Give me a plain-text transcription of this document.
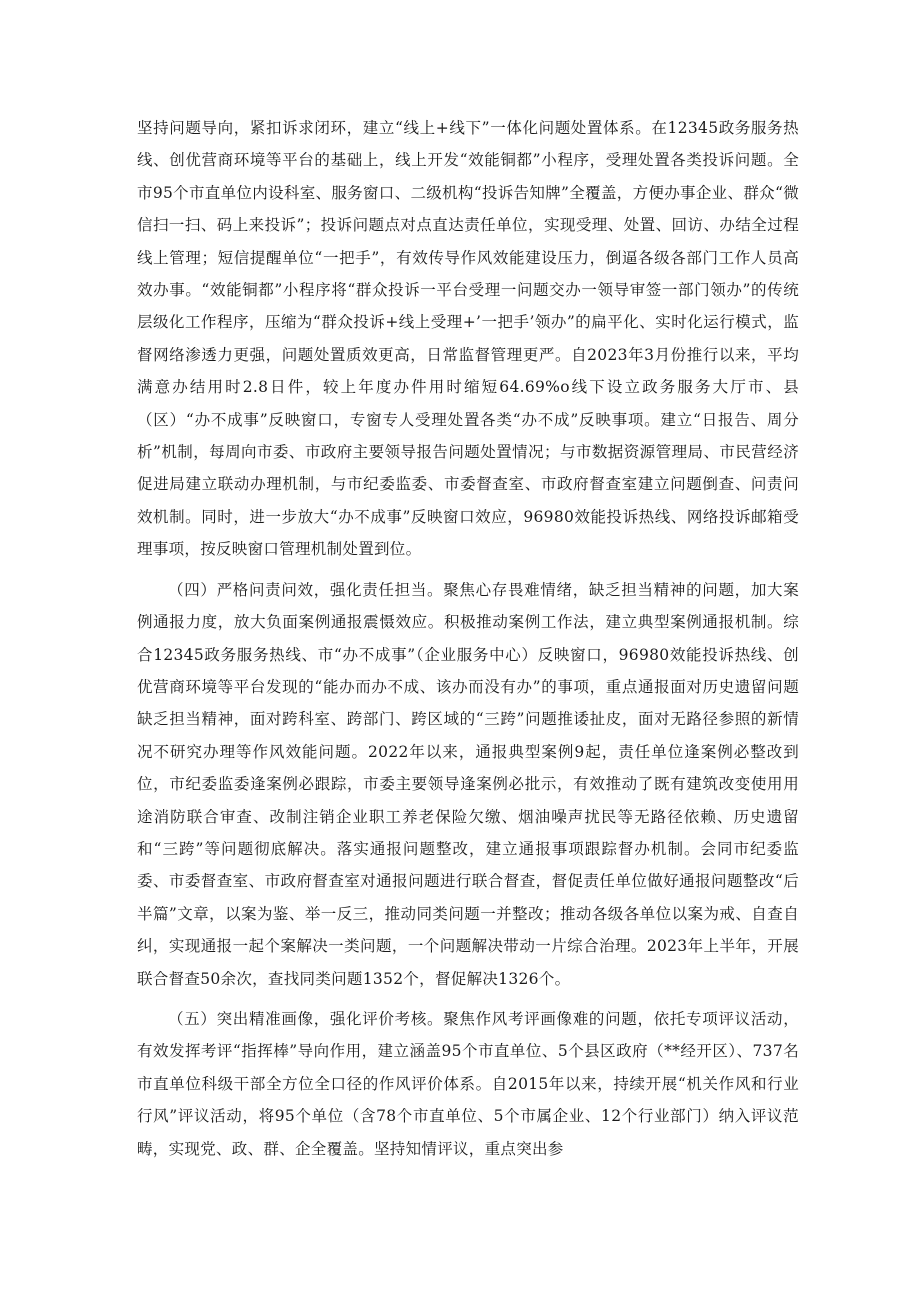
坚持问题导向，紧扣诉求闭环，建立“线上+线下”一体化问题处置体系。在12345政务服务热线、创优营商环境等平台的基础上，线上开发“效能铜都”小程序，受理处置各类投诉问题。全市95个市直单位内设科室、服务窗口、二级机构“投诉告知牌”全覆盖，方便办事企业、群众“微信扫一扫、码上来投诉”；投诉问题点对点直达责任单位，实现受理、处置、回访、办结全过程线上管理；短信提醒单位“一把手”，有效传导作风效能建设压力，倒逼各级各部门工作人员高效办事。“效能铜都”小程序将“群众投诉一平台受理一问题交办一领导审签一部门领办”的传统层级化工作程序，压缩为“群众投诉+线上受理+’一把手’领办”的扁平化、实时化运行模式，监督网络渗透力更强，问题处置质效更高，日常监督管理更严。自2023年3月份推行以来，平均满意办结用时2.8日件，较上年度办件用时缩短64.69%o线下设立政务服务大厅市、县（区）“办不成事”反映窗口，专窗专人受理处置各类“办不成”反映事项。建立“日报告、周分析”机制，每周向市委、市政府主要领导报告问题处置情况；与市数据资源管理局、市民营经济促进局建立联动办理机制，与市纪委监委、市委督查室、市政府督查室建立问题倒查、问责问效机制。同时，进一步放大“办不成事”反映窗口效应，96980效能投诉热线、网络投诉邮箱受理事项，按反映窗口管理机制处置到位。

（四）严格问责问效，强化责任担当。聚焦心存畏难情绪，缺乏担当精神的问题，加大案例通报力度，放大负面案例通报震慑效应。积极推动案例工作法，建立典型案例通报机制。综合12345政务服务热线、市“办不成事”（企业服务中心）反映窗口，96980效能投诉热线、创优营商环境等平台发现的“能办而办不成、该办而没有办”的事项，重点通报面对历史遗留问题缺乏担当精神，面对跨科室、跨部门、跨区域的“三跨”问题推诿扯皮，面对无路径参照的新情况不研究办理等作风效能问题。2022年以来，通报典型案例9起，责任单位逢案例必整改到位，市纪委监委逢案例必跟踪，市委主要领导逢案例必批示，有效推动了既有建筑改变使用用途消防联合审查、改制注销企业职工养老保险欠缴、烟油噪声扰民等无路径依赖、历史遗留和“三跨”等问题彻底解决。落实通报问题整改，建立通报事项跟踪督办机制。会同市纪委监委、市委督查室、市政府督查室对通报问题进行联合督查，督促责任单位做好通报问题整改“后半篇”文章，以案为鉴、举一反三，推动同类问题一并整改；推动各级各单位以案为戒、自查自纠，实现通报一起个案解决一类问题，一个问题解决带动一片综合治理。2023年上半年，开展联合督查50余次，查找同类问题1352个，督促解决1326个。

（五）突出精准画像，强化评价考核。聚焦作风考评画像难的问题，依托专项评议活动，有效发挥考评“指挥棒”导向作用，建立涵盖95个市直单位、5个县区政府（**经开区）、737名市直单位科级干部全方位全口径的作风评价体系。自2015年以来，持续开展“机关作风和行业行风”评议活动，将95个单位（含78个市直单位、5个市属企业、12个行业部门）纳入评议范畴，实现党、政、群、企全覆盖。坚持知情评议，重点突出参
